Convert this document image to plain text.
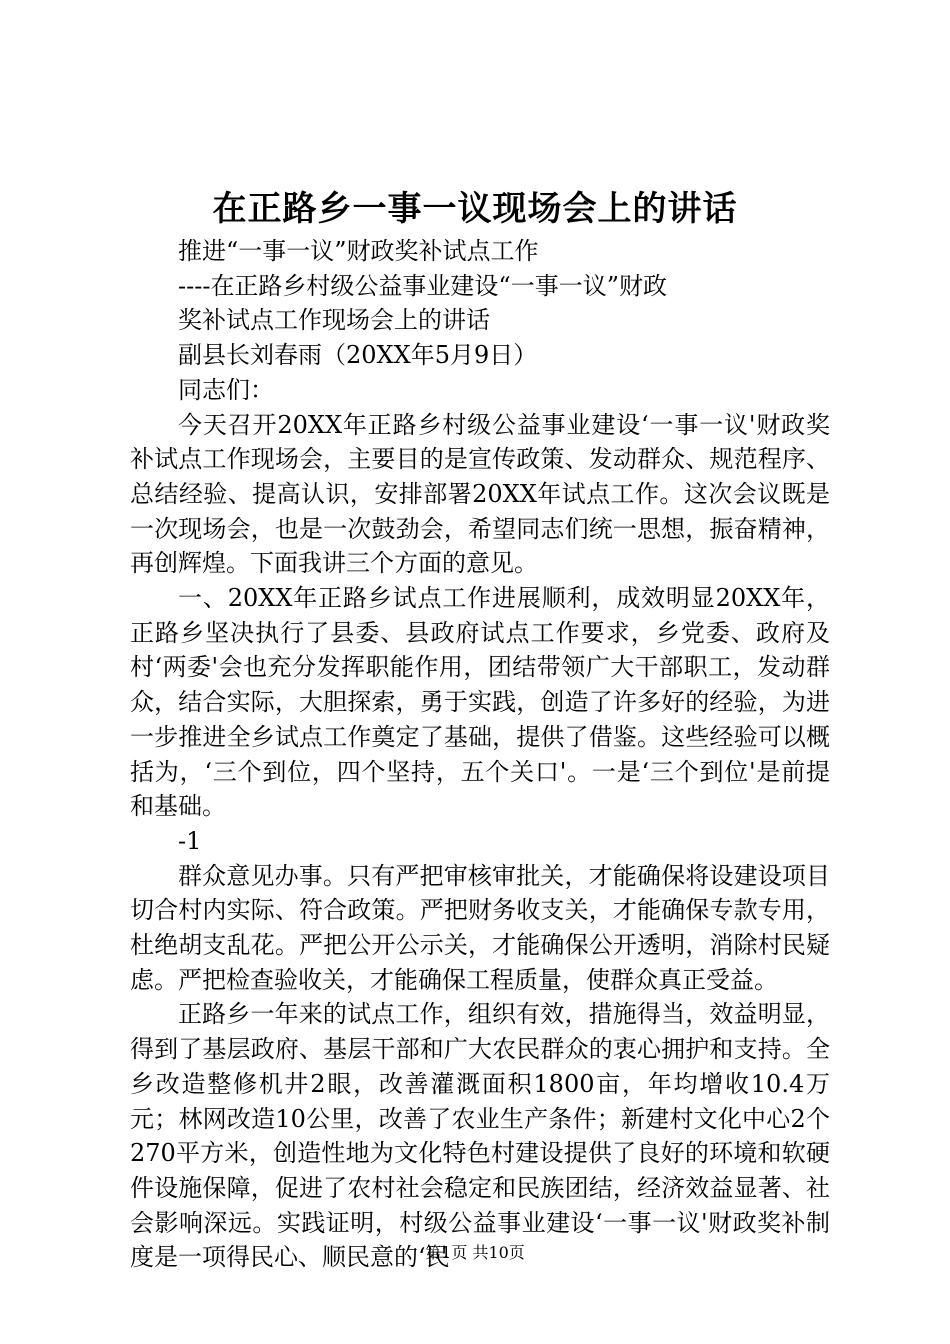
在正路乡一事一议现场会上的讲话

推进“一事一议”财政奖补试点工作

----在正路乡村级公益事业建设“一事一议”财政

奖补试点工作现场会上的讲话

副县长刘春雨（20XX年5月9日）

同志们：

今天召开20XX年正路乡村级公益事业建设‘一事一议'财政奖补试点工作现场会，主要目的是宣传政策、发动群众、规范程序、总结经验、提高认识，安排部署20XX年试点工作。这次会议既是一次现场会，也是一次鼓劲会，希望同志们统一思想，振奋精神，再创辉煌。下面我讲三个方面的意见。

一、20XX年正路乡试点工作进展顺利，成效明显20XX年，正路乡坚决执行了县委、县政府试点工作要求，乡党委、政府及村‘两委'会也充分发挥职能作用，团结带领广大干部职工，发动群众，结合实际，大胆探索，勇于实践，创造了许多好的经验，为进一步推进全乡试点工作奠定了基础，提供了借鉴。这些经验可以概括为，‘三个到位，四个坚持，五个关口'。一是‘三个到位'是前提和基础。

-1

群众意见办事。只有严把审核审批关，才能确保将设建设项目切合村内实际、符合政策。严把财务收支关，才能确保专款专用，杜绝胡支乱花。严把公开公示关，才能确保公开透明，消除村民疑虑。严把检查验收关，才能确保工程质量，使群众真正受益。

正路乡一年来的试点工作，组织有效，措施得当，效益明显，得到了基层政府、基层干部和广大农民群众的衷心拥护和支持。全乡改造整修机井2眼，改善灌溉面积1800亩，年均增收10.4万元；林网改造10公里，改善了农业生产条件；新建村文化中心2个270平方米，创造性地为文化特色村建设提供了良好的环境和软硬件设施保障，促进了农村社会稳定和民族团结，经济效益显著、社会影响深远。实践证明，村级公益事业建设‘一事一议'财政奖补制度是一项得民心、顺民意的‘民

第1页 共10页
